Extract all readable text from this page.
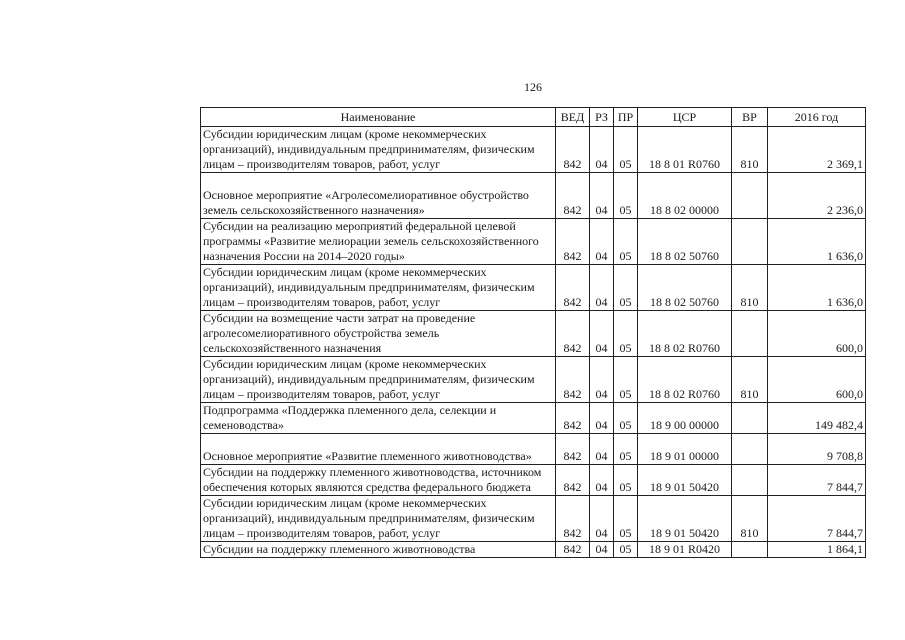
126
Наименование	ВЕД	РЗ	ПР	ЦСР	ВР	2016 год
Субсидии юридическим лицам (кроме некоммерческих организаций), индивидуальным предпринимателям, физическим лицам – производителям товаров, работ, услуг	842	04	05	18 8 01 R0760	810	2 369,1
Основное мероприятие «Агролесомелиоративное обустройство земель сельскохозяйственного назначения»	842	04	05	18 8 02 00000		2 236,0
Субсидии на реализацию мероприятий федеральной целевой программы «Развитие мелиорации земель сельскохозяйственного назначения России на 2014–2020 годы»	842	04	05	18 8 02 50760		1 636,0
Субсидии юридическим лицам (кроме некоммерческих организаций), индивидуальным предпринимателям, физическим лицам – производителям товаров, работ, услуг	842	04	05	18 8 02 50760	810	1 636,0
Субсидии на возмещение части затрат на проведение агролесомелиоративного обустройства земель сельскохозяйственного назначения	842	04	05	18 8 02 R0760		600,0
Субсидии юридическим лицам (кроме некоммерческих организаций), индивидуальным предпринимателям, физическим лицам – производителям товаров, работ, услуг	842	04	05	18 8 02 R0760	810	600,0
Подпрограмма «Поддержка племенного дела, селекции и семеноводства»	842	04	05	18 9 00 00000		149 482,4
Основное мероприятие «Развитие племенного животноводства»	842	04	05	18 9 01 00000		9 708,8
Субсидии на поддержку племенного животноводства, источником обеспечения которых являются средства федерального бюджета	842	04	05	18 9 01 50420		7 844,7
Субсидии юридическим лицам (кроме некоммерческих организаций), индивидуальным предпринимателям, физическим лицам – производителям товаров, работ, услуг	842	04	05	18 9 01 50420	810	7 844,7
Субсидии на поддержку племенного животноводства	842	04	05	18 9 01 R0420		1 864,1
